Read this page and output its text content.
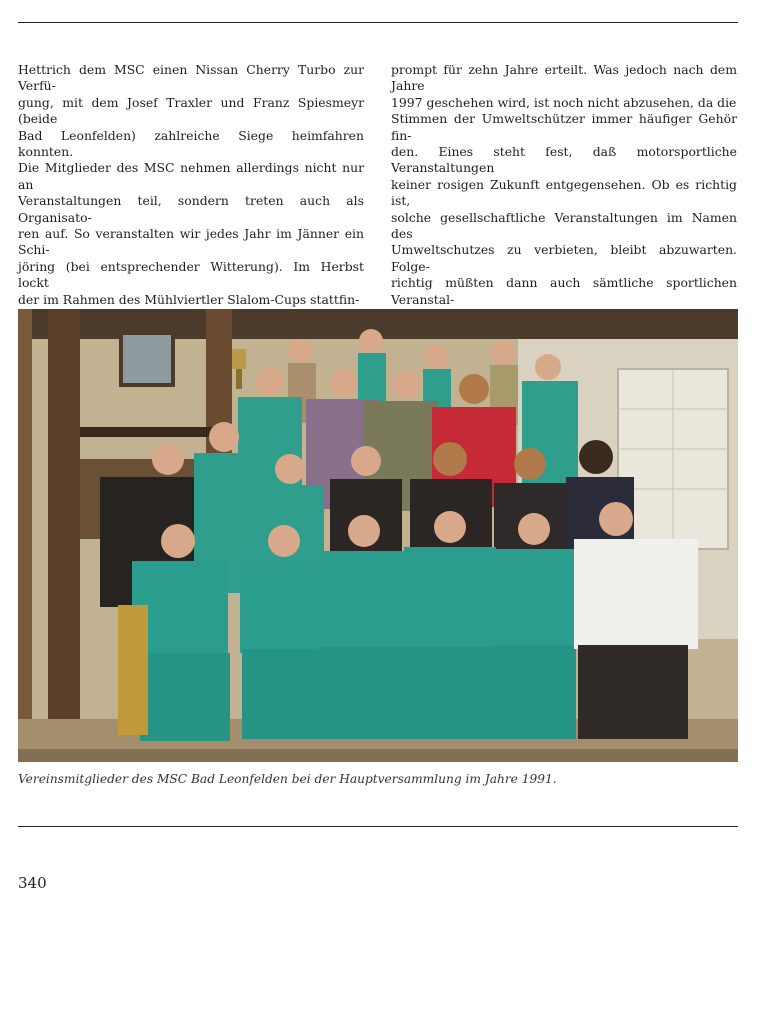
Hettrich dem MSC einen Nissan Cherry Turbo zur Verfü-

gung, mit dem Josef Traxler und Franz Spiesmeyr (beide

Bad Leonfelden) zahlreiche Siege heimfahren konnten.

Die Mitglieder des MSC nehmen allerdings nicht nur an

Veranstaltungen teil, sondern treten auch als Organisato-

ren auf. So veranstalten wir jedes Jahr im Jänner ein Schi-

jöring (bei entsprechender Witterung). Im Herbst lockt

der im Rahmen des Mühlviertler Slalom-Cups stattfin-

prompt für zehn Jahre erteilt. Was jedoch nach dem Jahre

1997 geschehen wird, ist noch nicht abzusehen, da die

Stimmen der Umweltschützer immer häufiger Gehör fin-

den. Eines steht fest, daß motorsportliche Veranstaltungen

keiner rosigen Zukunft entgegensehen. Ob es richtig ist,

solche gesellschaftliche Veranstaltungen im Namen des

Umweltschutzes zu verbieten, bleibt abzuwarten. Folge-

richtig müßten dann auch sämtliche sportlichen Veranstal-

Vereinsmitglieder des MSC Bad Leonfelden bei der Hauptversammlung im Jahre 1991.
340
